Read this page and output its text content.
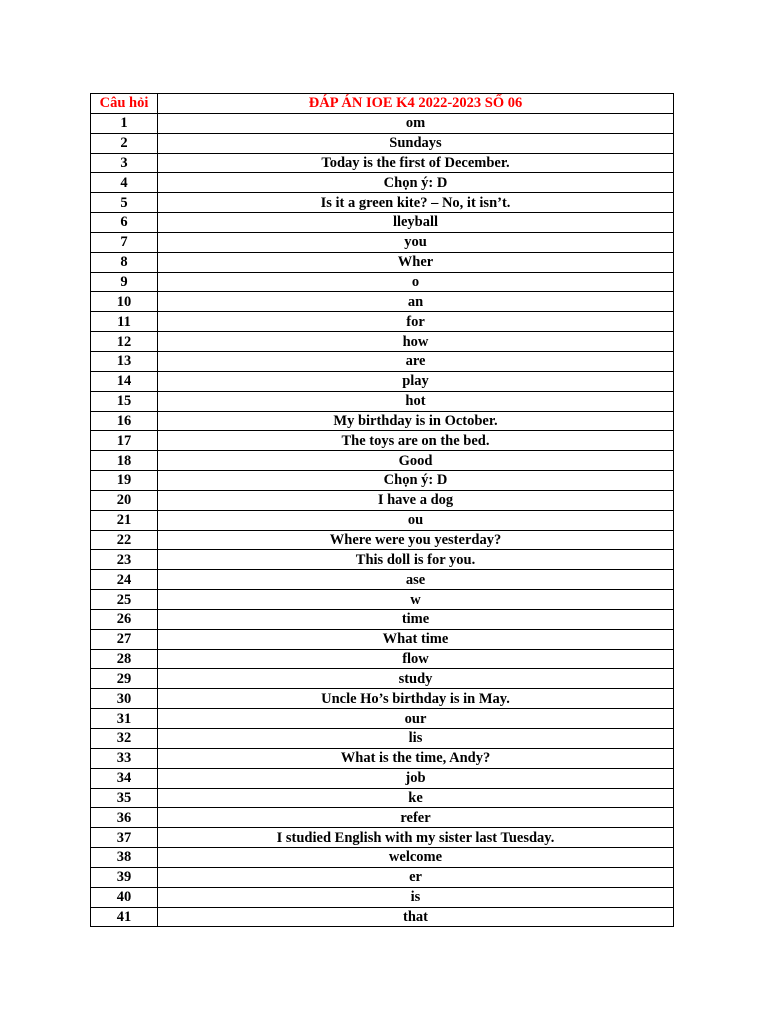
Câu hỏi	ĐÁP ÁN IOE K4 2022-2023 SỐ 06
1	om
2	Sundays
3	Today is the first of December.
4	Chọn ý: D
5	Is it a green kite? – No, it isn’t.
6	lleyball
7	you
8	Wher
9	o
10	an
11	for
12	how
13	are
14	play
15	hot
16	My birthday is in October.
17	The toys are on the bed.
18	Good
19	Chọn ý: D
20	I have a dog
21	ou
22	Where were you yesterday?
23	This doll is for you.
24	ase
25	w
26	time
27	What time
28	flow
29	study
30	Uncle Ho’s birthday is in May.
31	our
32	lis
33	What is the time, Andy?
34	job
35	ke
36	refer
37	I studied English with my sister last Tuesday.
38	welcome
39	er
40	is
41	that
